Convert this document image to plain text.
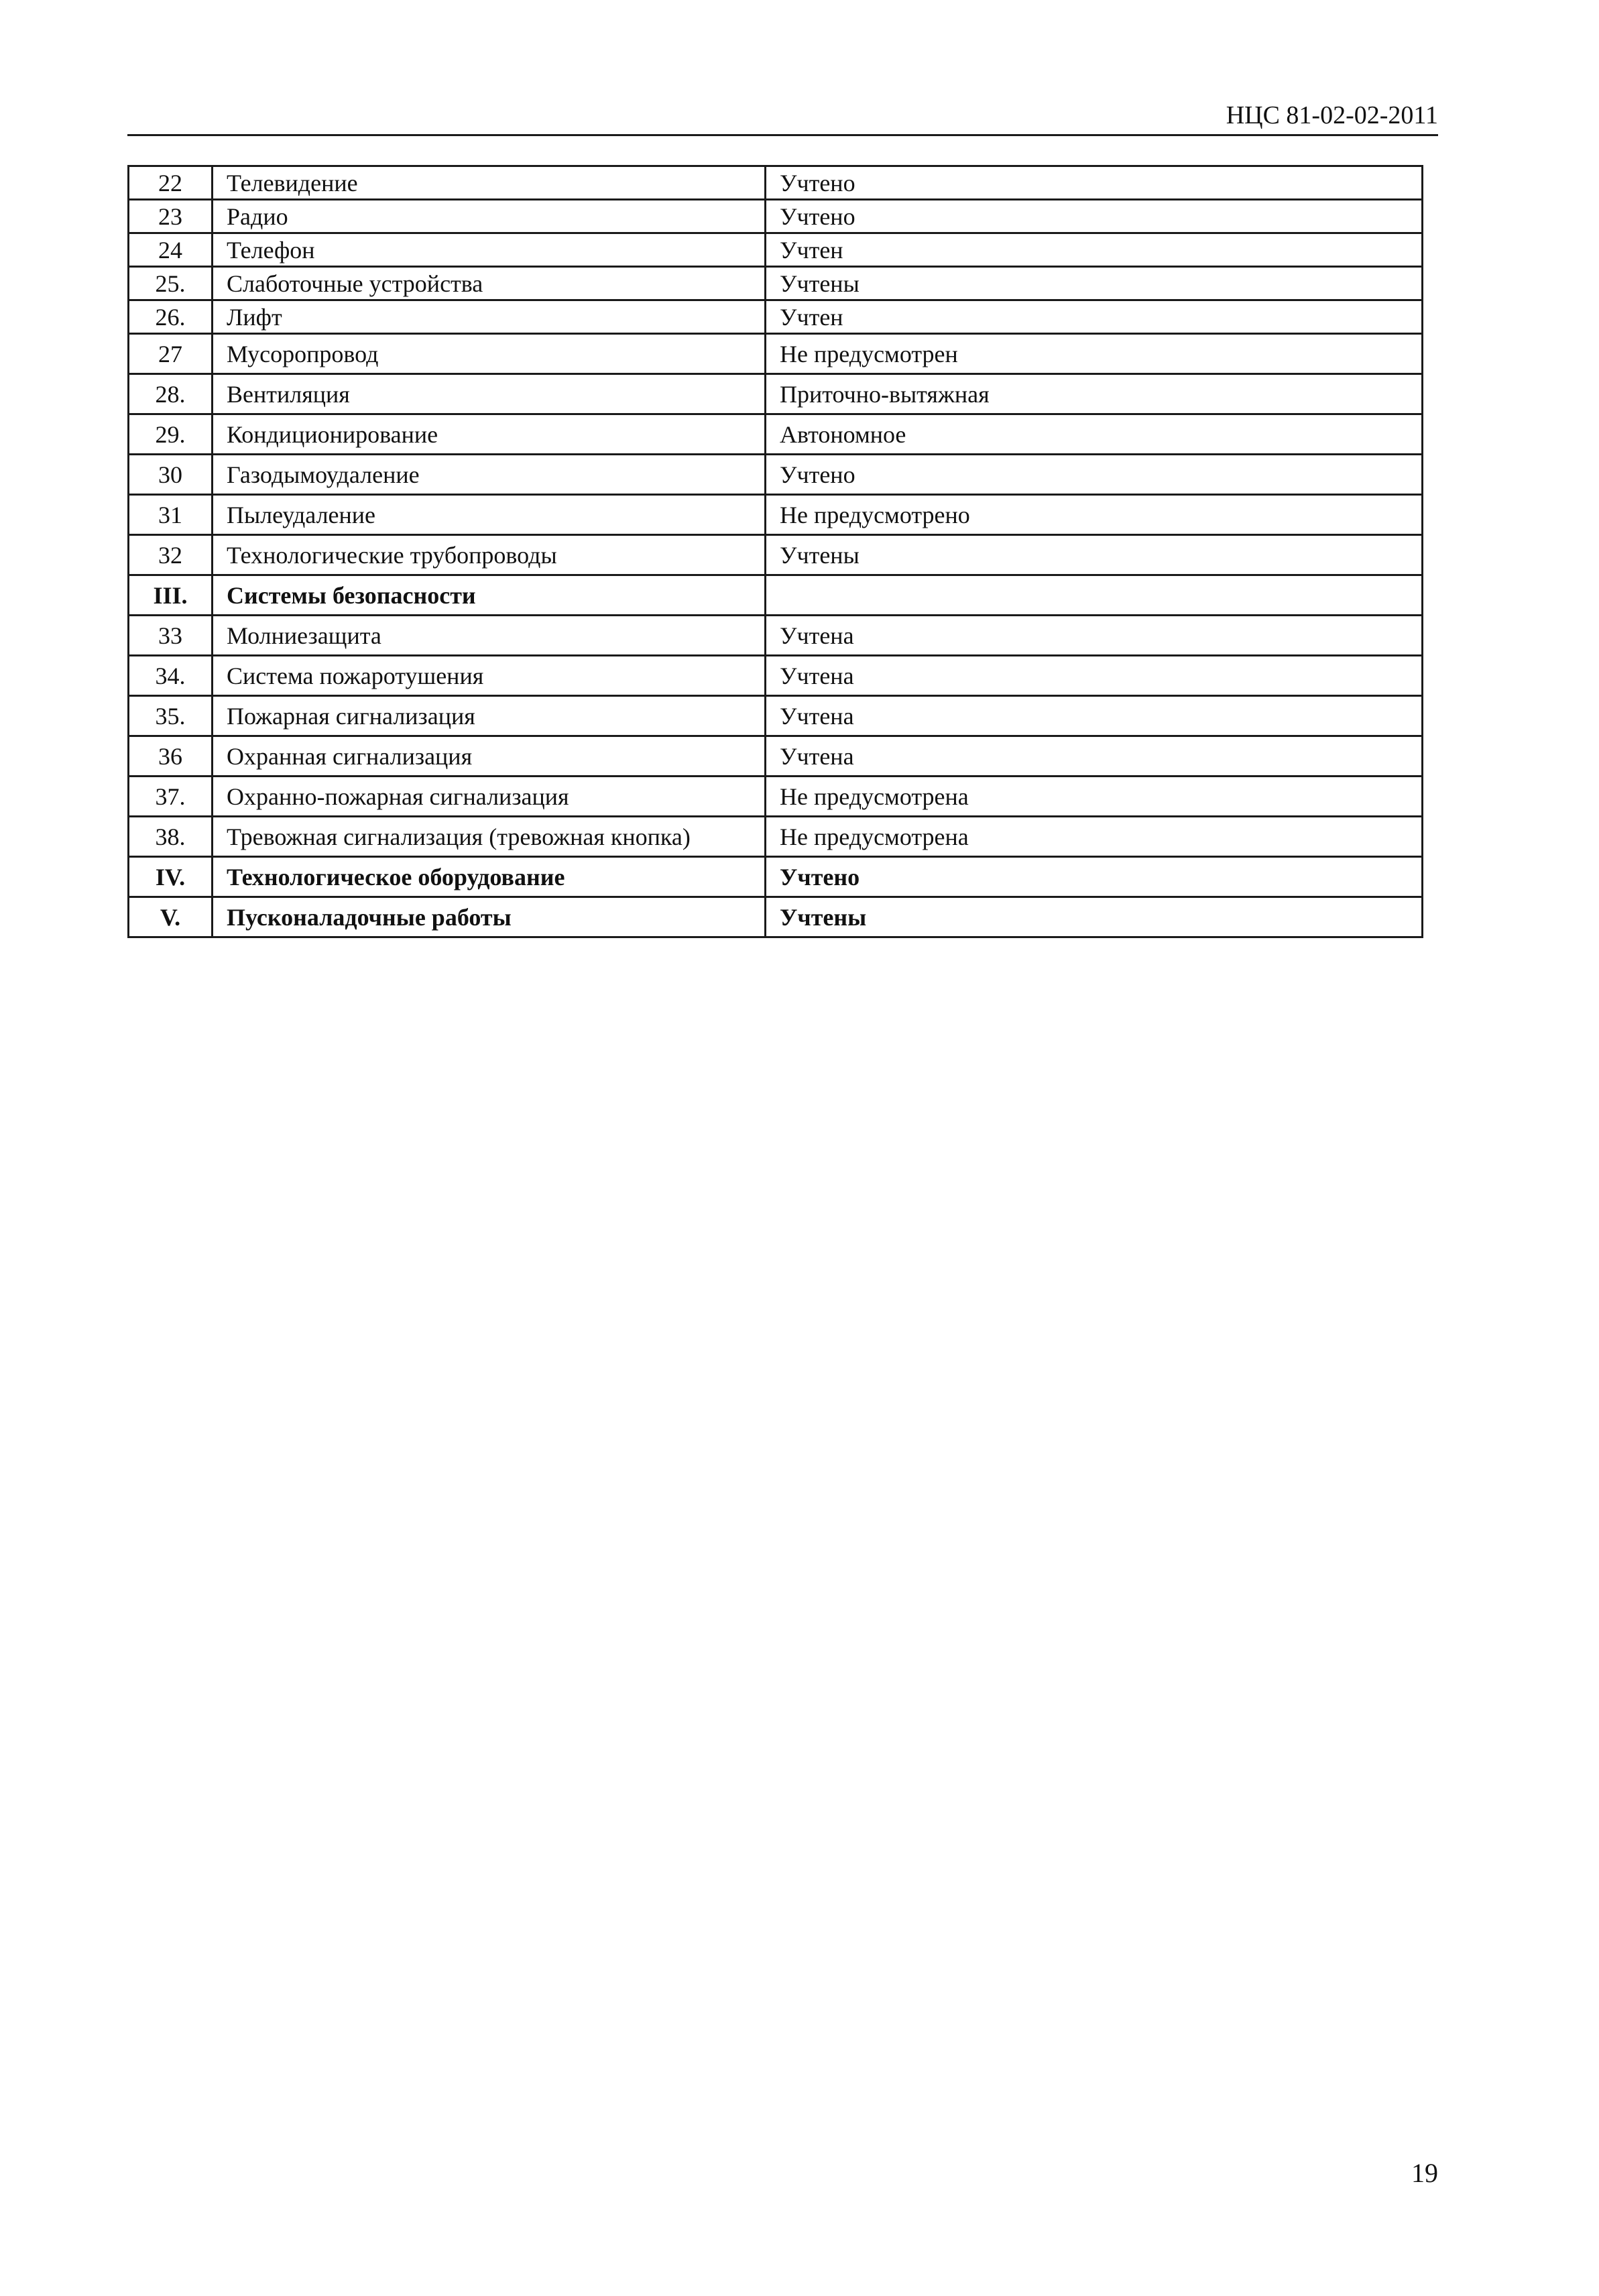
НЦС 81-02-02-2011
22	Телевидение	Учтено
23	Радио	Учтено
24	Телефон	Учтен
25.	Слаботочные устройства	Учтены
26.	Лифт	Учтен
27	Мусоропровод	Не предусмотрен
28.	Вентиляция	Приточно-вытяжная
29.	Кондиционирование	Автономное
30	Газодымоудаление	Учтено
31	Пылеудаление	Не предусмотрено
32	Технологические трубопроводы	Учтены
III.	Системы безопасности	
33	Молниезащита	Учтена
34.	Система пожаротушения	Учтена
35.	Пожарная сигнализация	Учтена
36	Охранная сигнализация	Учтена
37.	Охранно-пожарная сигнализация	Не предусмотрена
38.	Тревожная сигнализация (тревожная кнопка)	Не предусмотрена
IV.	Технологическое оборудование	Учтено
V.	Пусконаладочные работы	Учтены
19
